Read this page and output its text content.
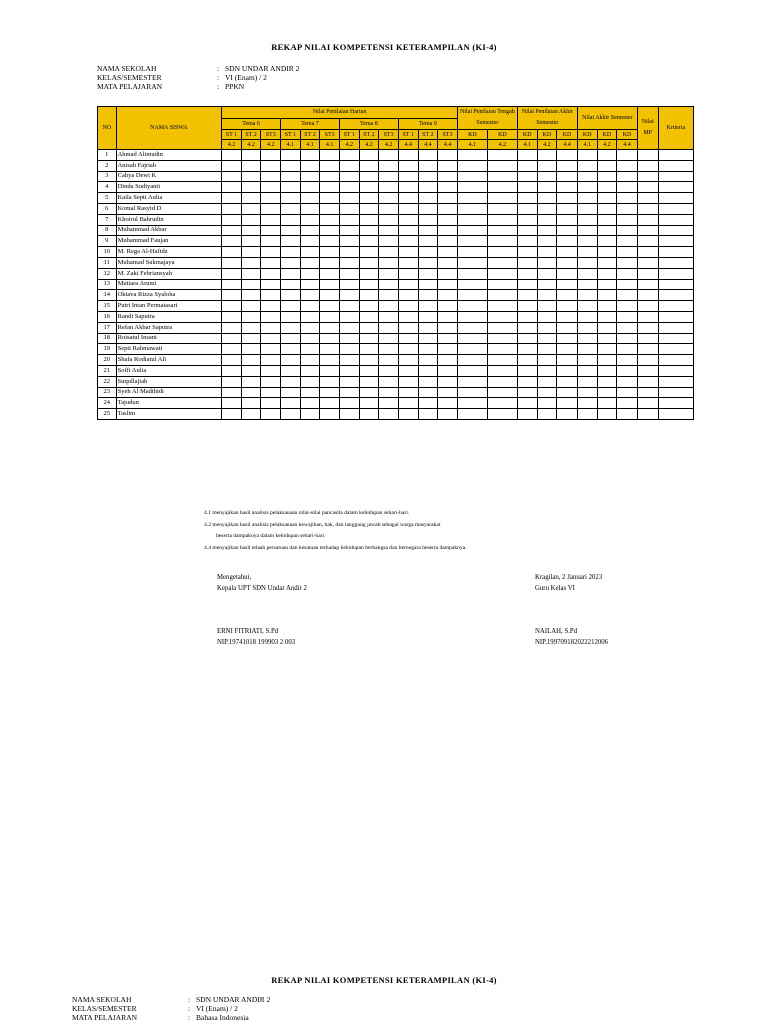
REKAP NILAI KOMPETENSI KETERAMPILAN (KI-4)
NAMA SEKOLAH	: SDN UNDAR ANDIR 2
KELAS/SEMESTER	: VI (Enam) / 2
MATA PELAJARAN	: PPKN
NO	NAMA SISWA	Nilai Penilaian Harian												Nilai Penilaian Tengah Semester		Nilai Penilaian Akhir Semester			Nilai Akhir Semester			Nilai MP	Kriteria
		Tema 6			Tema 7			Tema 8			Tema 9												
		ST 1	ST 2	ST3	ST 1	ST 2	ST3	ST 1	ST 2	ST3	ST 1	ST 2	ST3	KD	KD	KD	KD	KD	KD	KD	KD		
		4.2	4.2	4.2	4.1	4.1	4.1	4.2	4.2	4.2	4.4	4.4	4.4	4.1	4.2	4.1	4.2	4.4	4.1	4.2	4.4		
1	Ahmad Alimudin																						
2	Anisah Fajriah																						
3	Cahya Dewi K																						
4	Dinda Sudiyanti																						
5	Kaila Septi Aulia																						
6	Komal Rasyid D																						
7	Khoirul Bahrudin																						
8	Muhammad Akbar																						
9	Muhammad Faujan																						
10	M. Rega Al-Hafidz																						
11	Muhamad Sukmajaya																						
12	M. Zaki Febriansyah																						
13	Mutiara Arumi																						
14	Oktava Rizza Syaloha																						
15	Putri Intan Permatasari																						
16	Randi Saputra																						
17	Refan Akbar Saputra																						
18	Roisatul Insani																						
19	Septi Rahmawati																						
20	Shafa Rodiatul Ali																						
21	Soffi Aulia																						
22	Suqullajiah																						
23	Syeh Al Madihidi																						
24	Tajudun																						
25	Taslim																						
4.1 menyajikan hasil analisis pelaksanaan nilai-nilai pancasila dalam kehidupan sehari-hari.
4.2 menyajikan hasil analisis pelaksanaan kewajiban, hak, dan tanggung jawab sebagai warga masyarakat
beserta dampaknya dalam kehidupan sehari-hari.
4.4 menyajikan hasil telaah persatuan dan kesatuan terhadap kehidupan berbangsa dan bernegara beserta dampaknya.
Mengetahui,
Kepala UPT SDN Undar Andir 2
ERNI FITRIATI, S.Pd
NIP.19741018 199903 2 003
Kragilan, 2 Januari 2023
Guru Kelas VI
NAILAH, S.Pd
NIP.199709182022212006
REKAP NILAI KOMPETENSI KETERAMPILAN (KI-4)
NAMA SEKOLAH	: SDN UNDAR ANDIR 2
KELAS/SEMESTER	: VI (Enam) / 2
MATA PELAJARAN	: Bahasa Indonesia
